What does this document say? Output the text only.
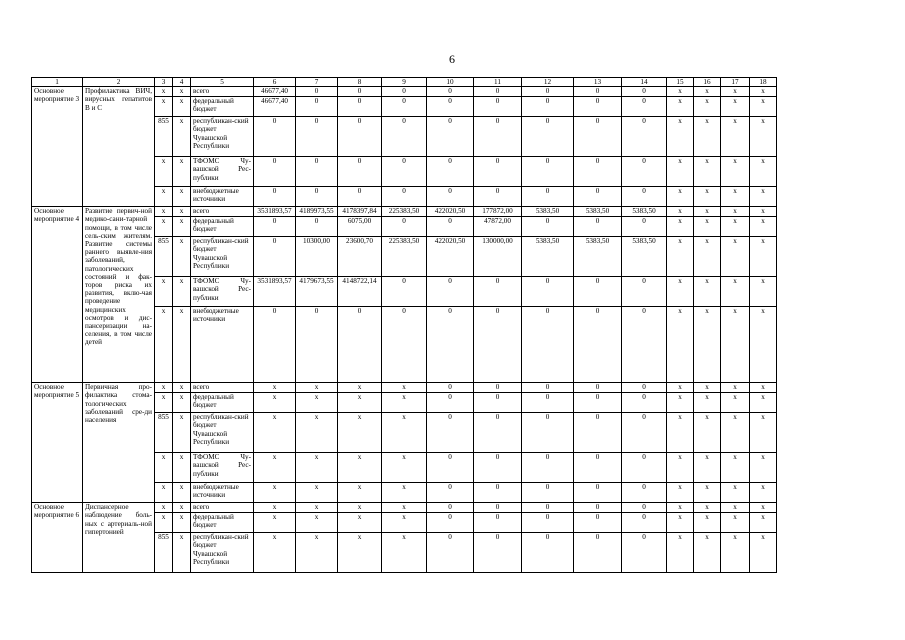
6
1	2	3	4	5	6	7	8	9	10	11	12	13	14	15	16	17	18
Основное мероприятие 3	Профилактика ВИЧ, вирусных гепатитов В и С	х	х	всего	46677,40	0	0	0	0	0	0	0	0	х	х	х	х
		х	х	федеральный бюджет	46677,40	0	0	0	0	0	0	0	0	х	х	х	х
		855	х	республикан-ский бюджет Чувашской Республики	0	0	0	0	0	0	0	0	0	х	х	х	х
		х	х	ТФОМС Чу-вашской Рес-публики	0	0	0	0	0	0	0	0	0	х	х	х	х
		х	х	внебюджетные источники	0	0	0	0	0	0	0	0	0	х	х	х	х
Основное мероприятие 4	Развитие первич-ной медико-сани-тарной помощи, в том числе сель-ским жителям. Развитие системы раннего выявле-ния заболеваний, патологических состояний и фак-торов риска их развития, вклю-чая проведение медицинских осмотров и дис-пансеризации на-селения, в том числе детей	х	х	всего	3531893,57	4189973,55	4178397,84	225383,50	422020,50	177872,00	5383,50	5383,50	5383,50	х	х	х	х
		х	х	федеральный бюджет	0	0	6075,00	0	0	47872,00	0	0	0	х	х	х	х
		855	х	республикан-ский бюджет Чувашской Республики	0	10300,00	23600,70	225383,50	422020,50	130000,00	5383,50	5383,50	5383,50	х	х	х	х
		х	х	ТФОМС Чу-вашской Рес-публики	3531893,57	4179673,55	4148722,14	0	0	0	0	0	0	х	х	х	х
		х	х	внебюджетные источники	0	0	0	0	0	0	0	0	0	х	х	х	х
Основное мероприятие 5	Первичная про-филактика стома-тологических заболеваний сре-ди населения	х	х	всего	х	х	х	х	0	0	0	0	0	х	х	х	х
		х	х	федеральный бюджет	х	х	х	х	0	0	0	0	0	х	х	х	х
		855	х	республикан-ский бюджет Чувашской Республики	х	х	х	х	0	0	0	0	0	х	х	х	х
		х	х	ТФОМС Чу-вашской Рес-публики	х	х	х	х	0	0	0	0	0	х	х	х	х
		х	х	внебюджетные источники	х	х	х	х	0	0	0	0	0	х	х	х	х
Основное мероприятие 6	Диспансерное наблюдение боль-ных с артериаль-ной гипертонией	х	х	всего	х	х	х	х	0	0	0	0	0	х	х	х	х
		х	х	федеральный бюджет	х	х	х	х	0	0	0	0	0	х	х	х	х
		855	х	республикан-ский бюджет Чувашской Республики	х	х	х	х	0	0	0	0	0	х	х	х	х
